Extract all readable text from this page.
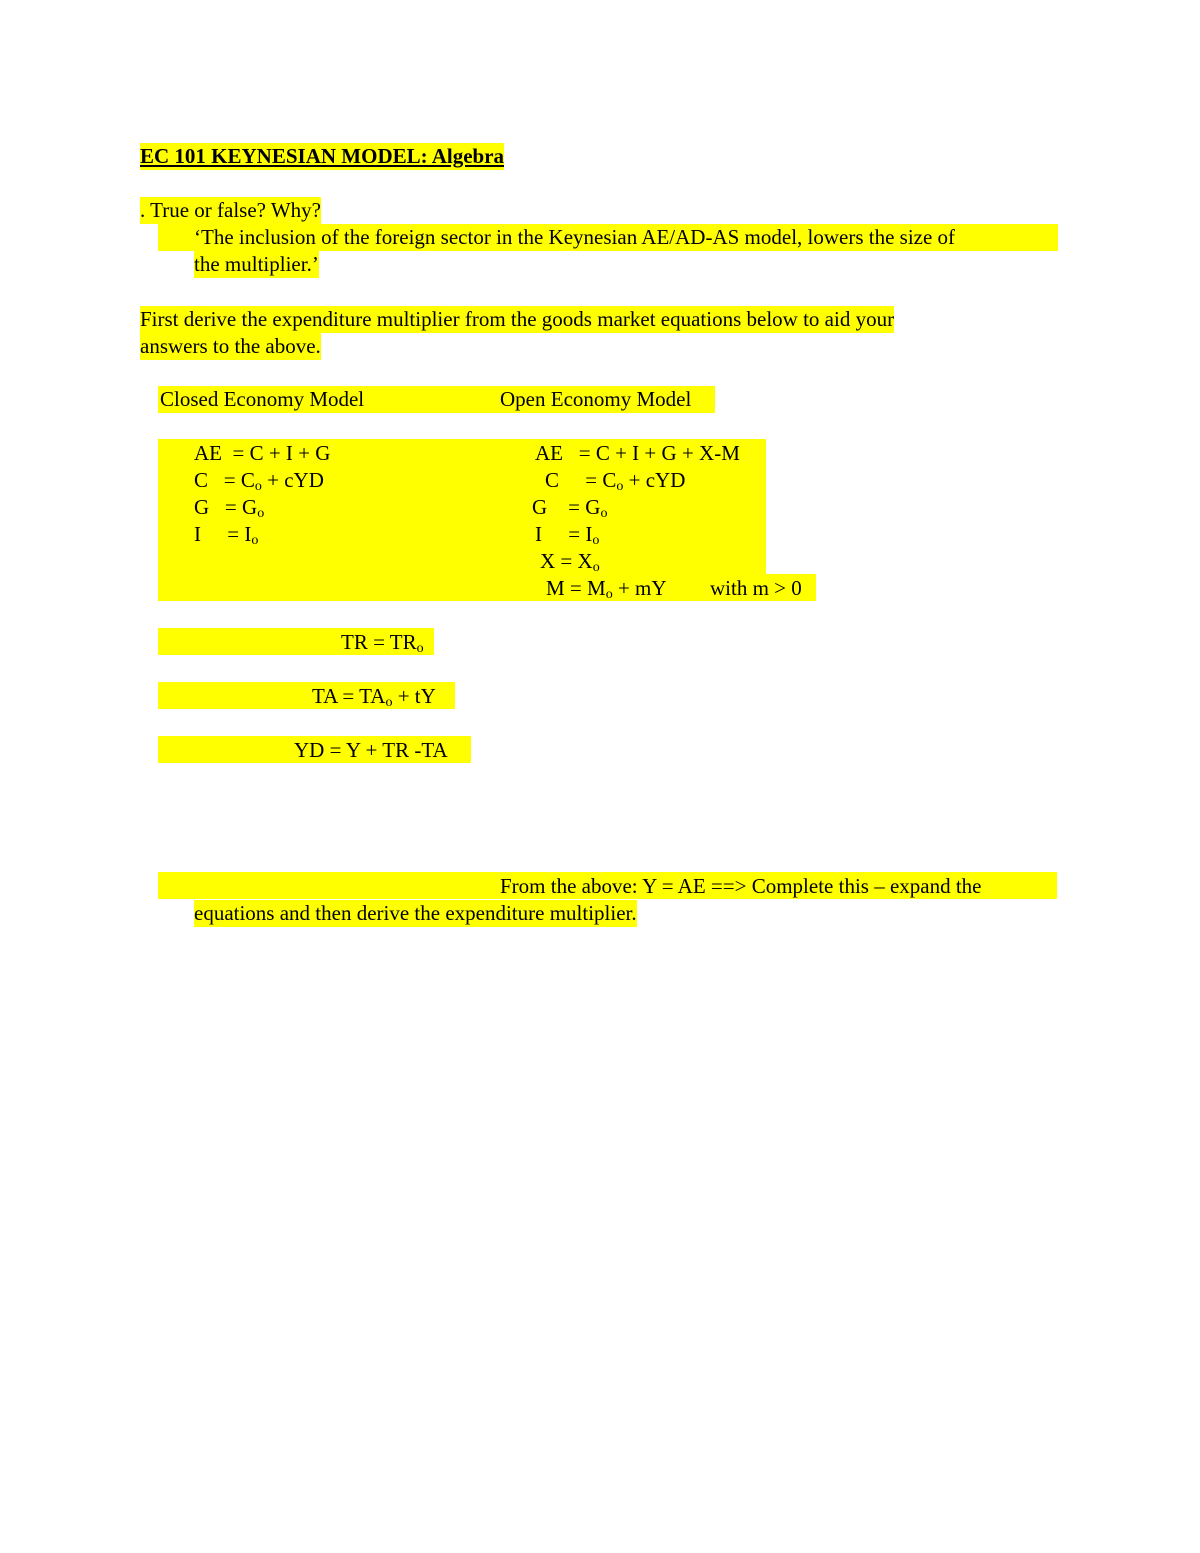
EC 101 KEYNESIAN MODEL: Algebra
. True or false? Why?
‘The inclusion of the foreign sector in the Keynesian AE/AD-AS model, lowers the size of
the multiplier.’
First derive the expenditure multiplier from the goods market equations below to aid your
answers to the above.
Closed Economy Model	Open Economy Model
AE  = C + I + G
$C = C_o$ + cYD
$G = G_o$
I     = $I_o$
AE   = C + I + G + X-M
C     = $C_o$ + cYD
G    = $G_o$
I     = $I_o$
$X = X_o$
$M = M_o$ + mY with m > 0
TR = $TR_o$
TA = $TA_o$ + tY
YD = Y + TR -TA
From the above: Y = AE ==> Complete this – expand the
equations and then derive the expenditure multiplier.
